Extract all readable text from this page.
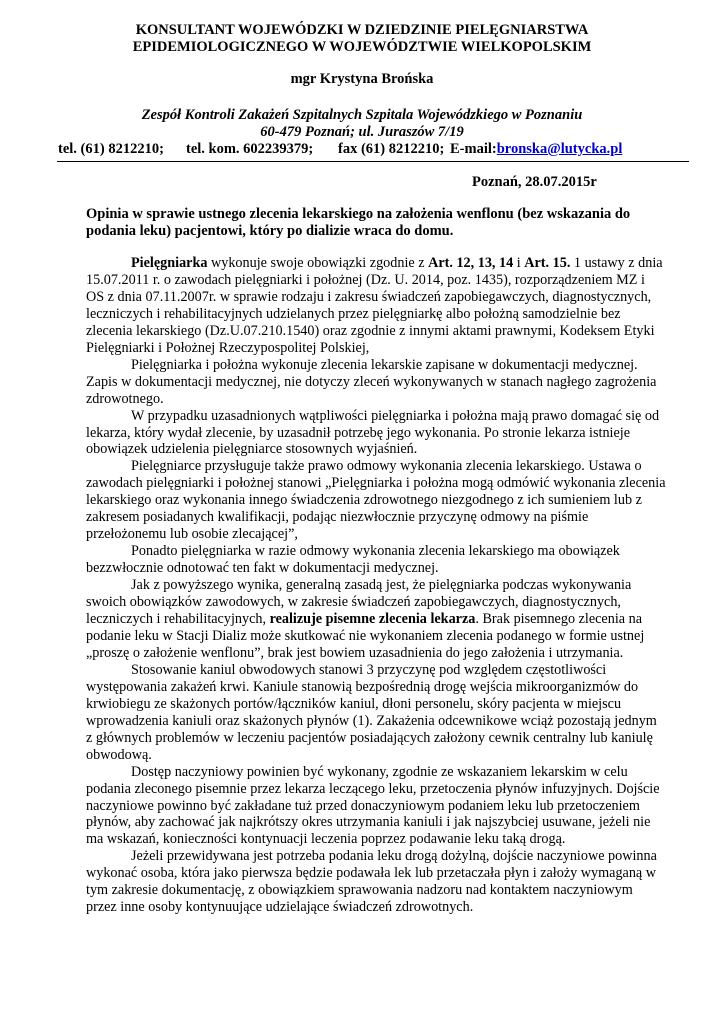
KONSULTANT WOJEWÓDZKI W DZIEDZINIE PIELĘGNIARSTWA
EPIDEMIOLOGICZNEGO W WOJEWÓDZTWIE WIELKOPOLSKIM
mgr Krystyna Brońska
Zespół Kontroli Zakażeń Szpitalnych Szpitala Wojewódzkiego w Poznaniu
60-479 Poznań; ul. Juraszów 7/19
tel. (61) 8212210; tel. kom. 602239379; fax (61) 8212210; E-mail:bronska@lutycka.pl
Poznań, 28.07.2015r
Opinia w sprawie ustnego zlecenia lekarskiego na założenia wenflonu (bez wskazania do podania leku) pacjentowi, który po dializie wraca do domu.

Pielęgniarka wykonuje swoje obowiązki zgodnie z Art. 12, 13, 14 i Art. 15. 1 ustawy z dnia 15.07.2011 r. o zawodach pielęgniarki i położnej (Dz. U. 2014, poz. 1435), rozporządzeniem MZ i OS z dnia 07.11.2007r. w sprawie rodzaju i zakresu świadczeń zapobiegawczych, diagnostycznych, leczniczych i rehabilitacyjnych udzielanych przez pielęgniarkę albo położną samodzielnie bez zlecenia lekarskiego (Dz.U.07.210.1540) oraz zgodnie z innymi aktami prawnymi, Kodeksem Etyki Pielęgniarki i Położnej Rzeczypospolitej Polskiej,

Pielęgniarka i położna wykonuje zlecenia lekarskie zapisane w dokumentacji medycznej. Zapis w dokumentacji medycznej, nie dotyczy zleceń wykonywanych w stanach nagłego zagrożenia zdrowotnego.

W przypadku uzasadnionych wątpliwości pielęgniarka i położna mają prawo domagać się od lekarza, który wydał zlecenie, by uzasadnił potrzebę jego wykonania. Po stronie lekarza istnieje obowiązek udzielenia pielęgniarce stosownych wyjaśnień.

Pielęgniarce przysługuje także prawo odmowy wykonania zlecenia lekarskiego. Ustawa o zawodach pielęgniarki i położnej stanowi „Pielęgniarka i położna mogą odmówić wykonania zlecenia lekarskiego oraz wykonania innego świadczenia zdrowotnego niezgodnego z ich sumieniem lub z zakresem posiadanych kwalifikacji, podając niezwłocznie przyczynę odmowy na piśmie przełożonemu lub osobie zlecającej”,

Ponadto pielęgniarka w razie odmowy wykonania zlecenia lekarskiego ma obowiązek bezzwłocznie odnotować ten fakt w dokumentacji medycznej.

Jak z powyższego wynika, generalną zasadą jest, że pielęgniarka podczas wykonywania swoich obowiązków zawodowych, w zakresie świadczeń zapobiegawczych, diagnostycznych, leczniczych i rehabilitacyjnych, realizuje pisemne zlecenia lekarza. Brak pisemnego zlecenia na podanie leku w Stacji Dializ może skutkować nie wykonaniem zlecenia podanego w formie ustnej „proszę o założenie wenflonu”, brak jest bowiem uzasadnienia do jego założenia i utrzymania.

Stosowanie kaniul obwodowych stanowi 3 przyczynę pod względem częstotliwości występowania zakażeń krwi. Kaniule stanowią bezpośrednią drogę wejścia mikroorganizmów do krwiobiegu ze skażonych portów/łączników kaniul, dłoni personelu, skóry pacjenta w miejscu wprowadzenia kaniuli oraz skażonych płynów (1). Zakażenia odcewnikowe wciąż pozostają jednym z głównych problemów w leczeniu pacjentów posiadających założony cewnik centralny lub kaniulę obwodową.

Dostęp naczyniowy powinien być wykonany, zgodnie ze wskazaniem lekarskim w celu podania zleconego pisemnie przez lekarza leczącego leku, przetoczenia płynów infuzyjnych. Dojście naczyniowe powinno być zakładane tuż przed donaczyniowym podaniem leku lub przetoczeniem płynów, aby zachować jak najkrótszy okres utrzymania kaniuli i jak najszybciej usuwane, jeżeli nie ma wskazań, konieczności kontynuacji leczenia poprzez podawanie leku taką drogą.

Jeżeli przewidywana jest potrzeba podania leku drogą dożylną, dojście naczyniowe powinna wykonać osoba, która jako pierwsza będzie podawała lek lub przetaczała płyn i założy wymaganą w tym zakresie dokumentację, z obowiązkiem sprawowania nadzoru nad kontaktem naczyniowym przez inne osoby kontynuujące udzielające świadczeń zdrowotnych.
